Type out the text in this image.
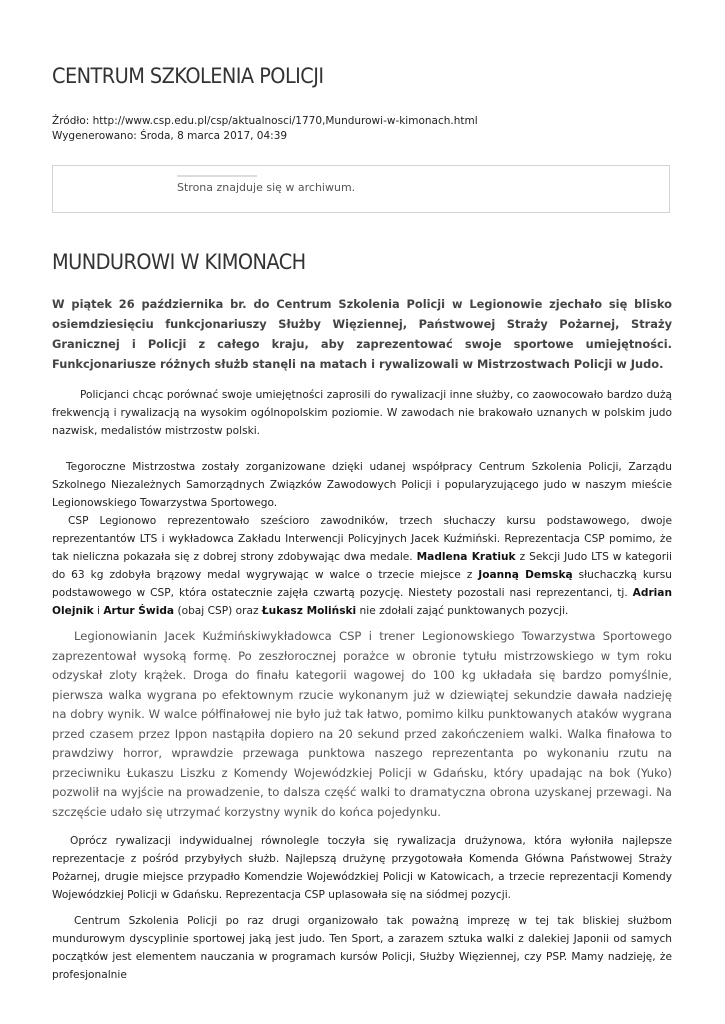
CENTRUM SZKOLENIA POLICJI
Źródło: http://www.csp.edu.pl/csp/aktualnosci/1770,Mundurowi-w-kimonach.html
Wygenerowano: Środa, 8 marca 2017, 04:39
Strona znajduje się w archiwum.
MUNDUROWI W KIMONACH

W piątek 26 października br. do Centrum Szkolenia Policji w Legionowie zjechało się blisko osiemdziesięciu funkcjonariuszy Służby Więziennej, Państwowej Straży Pożarnej, Straży Granicznej i Policji z całego kraju, aby zaprezentować swoje sportowe umiejętności. Funkcjonariusze różnych służb stanęli na matach i rywalizowali w Mistrzostwach Policji w Judo.

Policjanci chcąc porównać swoje umiejętności zaprosili do rywalizacji inne służby, co zaowocowało bardzo dużą frekwencją i rywalizacją na wysokim ogólnopolskim poziomie. W zawodach nie brakowało uznanych w polskim judo nazwisk, medalistów mistrzostw polski.

Tegoroczne Mistrzostwa zostały zorganizowane dzięki udanej współpracy Centrum Szkolenia Policji, Zarządu Szkolnego Niezależnych Samorządnych Związków Zawodowych Policji i popularyzującego judo w naszym mieście Legionowskiego Towarzystwa Sportowego.

CSP Legionowo reprezentowało sześcioro zawodników, trzech słuchaczy kursu podstawowego, dwoje reprezentantów LTS i wykładowca Zakładu Interwencji Policyjnych Jacek Kuźmiński. Reprezentacja CSP pomimo, że tak nieliczna pokazała się z dobrej strony zdobywając dwa medale. Madlena Kratiuk z Sekcji Judo LTS w kategorii do 63 kg zdobyła brązowy medal wygrywając w walce o trzecie miejsce z Joanną Demską słuchaczką kursu podstawowego w CSP, która ostatecznie zajęła czwartą pozycję. Niestety pozostali nasi reprezentanci, tj. Adrian Olejnik i Artur Świda (obaj CSP) oraz Łukasz Moliński nie zdołali zająć punktowanych pozycji.

Legionowianin Jacek Kuźmińskiwykładowca CSP i trener Legionowskiego Towarzystwa Sportowego zaprezentował wysoką formę. Po zeszłorocznej porażce w obronie tytułu mistrzowskiego w tym roku odzyskał zloty krążek. Droga do finału kategorii wagowej do 100 kg układała się bardzo pomyślnie, pierwsza walka wygrana po efektownym rzucie wykonanym już w dziewiątej sekundzie dawała nadzieję na dobry wynik. W walce półfinałowej nie było już tak łatwo, pomimo kilku punktowanych ataków wygrana przed czasem przez Ippon nastąpiła dopiero na 20 sekund przed zakończeniem walki. Walka finałowa to prawdziwy horror, wprawdzie przewaga punktowa naszego reprezentanta po wykonaniu rzutu na przeciwniku Łukaszu Liszku z Komendy Wojewódzkiej Policji w Gdańsku, który upadając na bok (Yuko) pozwolił na wyjście na prowadzenie, to dalsza część walki to dramatyczna obrona uzyskanej przewagi. Na szczęście udało się utrzymać korzystny wynik do końca pojedynku.

Oprócz rywalizacji indywidualnej równolegle toczyła się rywalizacja drużynowa, która wyłoniła najlepsze reprezentacje z pośród przybyłych służb. Najlepszą drużynę przygotowała Komenda Główna Państwowej Straży Pożarnej, drugie miejsce przypadło Komendzie Wojewódzkiej Policji w Katowicach, a trzecie reprezentacji Komendy Wojewódzkiej Policji w Gdańsku. Reprezentacja CSP uplasowała się na siódmej pozycji.

Centrum Szkolenia Policji po raz drugi organizowało tak poważną imprezę w tej tak bliskiej służbom mundurowym dyscyplinie sportowej jaką jest judo. Ten Sport, a zarazem sztuka walki z dalekiej Japonii od samych początków jest elementem nauczania w programach kursów Policji, Służby Więziennej, czy PSP. Mamy nadzieję, że profesjonalnie
